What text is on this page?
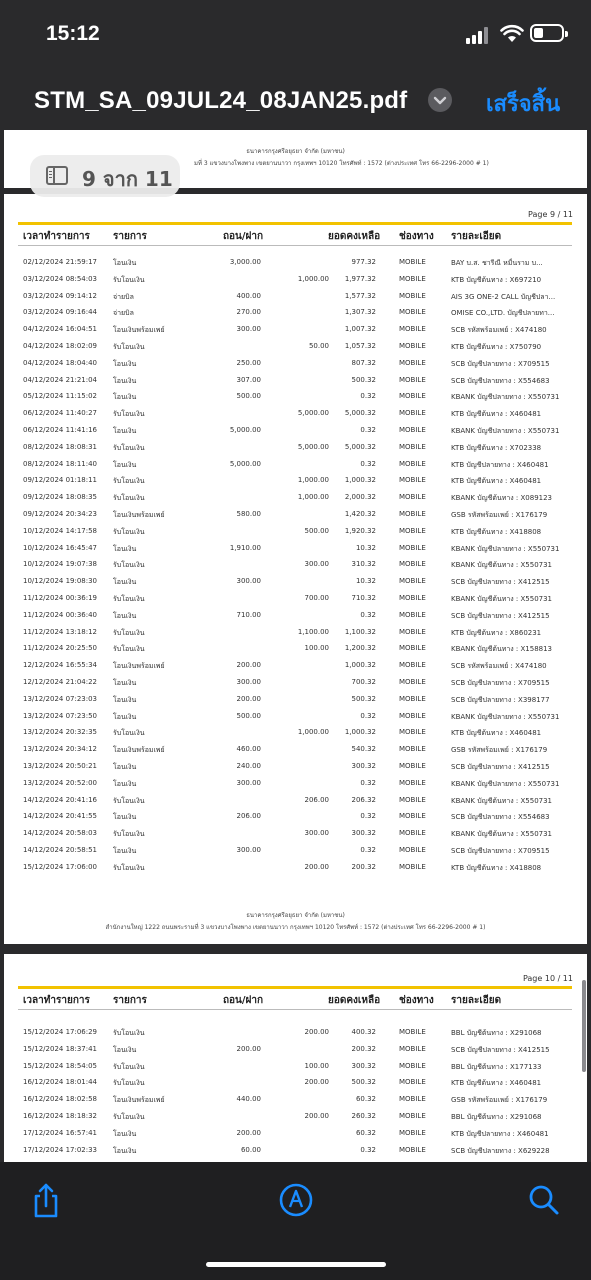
15:12
STM_SA_09JUL24_08JAN25.pdf	เสร็จสิ้น
ธนาคารกรุงศรีอยุธยา จำกัด (มหาชน)
มที่ 3 แขวงบางโพงพาง เขตยานนาวา กรุงเทพฯ 10120 โทรศัพท์ : 1572 (ต่างประเทศ โทร 66-2296-2000 # 1)
Page 9 / 11
เวลาทำรายการ รายการ	ถอน/ฝาก	ยอดคงเหลือ ช่องทาง รายละเอียด
02/12/2024 21:59:17 โอนเงิน	3,000.00	977.32	MOBILE	BAY บ.ส. ชารีณี หมื่นราม บ...
03/12/2024 08:54:03 รับโอนเงิน	1,000.00	1,977.32	MOBILE	KTB บัญชีต้นทาง : X697210
03/12/2024 09:14:12 จ่ายบิล	400.00	1,577.32	MOBILE	AIS 3G ONE-2 CALL บัญชีปลา...
03/12/2024 09:16:44 จ่ายบิล	270.00	1,307.32	MOBILE	OMISE CO.,LTD. บัญชีปลายทา...
04/12/2024 16:04:51 โอนเงินพร้อมเพย์	300.00	1,007.32	MOBILE	SCB รหัสพร้อมเพย์ : X474180
04/12/2024 18:02:09 รับโอนเงิน	50.00	1,057.32	MOBILE	KTB บัญชีต้นทาง : X750790
04/12/2024 18:04:40 โอนเงิน	250.00	807.32	MOBILE	SCB บัญชีปลายทาง : X709515
04/12/2024 21:21:04 โอนเงิน	307.00	500.32	MOBILE	SCB บัญชีปลายทาง : X554683
05/12/2024 11:15:02 โอนเงิน	500.00	0.32	MOBILE	KBANK บัญชีปลายทาง : X550731
06/12/2024 11:40:27 รับโอนเงิน	5,000.00	5,000.32	MOBILE	KTB บัญชีต้นทาง : X460481
06/12/2024 11:41:16 โอนเงิน	5,000.00	0.32	MOBILE	KBANK บัญชีปลายทาง : X550731
08/12/2024 18:08:31 รับโอนเงิน	5,000.00	5,000.32	MOBILE	KTB บัญชีต้นทาง : X702338
08/12/2024 18:11:40 โอนเงิน	5,000.00	0.32	MOBILE	KTB บัญชีปลายทาง : X460481
09/12/2024 01:18:11 รับโอนเงิน	1,000.00	1,000.32	MOBILE	KTB บัญชีต้นทาง : X460481
09/12/2024 18:08:35 รับโอนเงิน	1,000.00	2,000.32	MOBILE	KBANK บัญชีต้นทาง : X089123
09/12/2024 20:34:23 โอนเงินพร้อมเพย์	580.00	1,420.32	MOBILE	GSB รหัสพร้อมเพย์ : X176179
10/12/2024 14:17:58 รับโอนเงิน	500.00	1,920.32	MOBILE	KTB บัญชีต้นทาง : X418808
10/12/2024 16:45:47 โอนเงิน	1,910.00	10.32	MOBILE	KBANK บัญชีปลายทาง : X550731
10/12/2024 19:07:38 รับโอนเงิน	300.00	310.32	MOBILE	KBANK บัญชีต้นทาง : X550731
10/12/2024 19:08:30 โอนเงิน	300.00	10.32	MOBILE	SCB บัญชีปลายทาง : X412515
11/12/2024 00:36:19 รับโอนเงิน	700.00	710.32	MOBILE	KBANK บัญชีต้นทาง : X550731
11/12/2024 00:36:40 โอนเงิน	710.00	0.32	MOBILE	SCB บัญชีปลายทาง : X412515
11/12/2024 13:18:12 รับโอนเงิน	1,100.00	1,100.32	MOBILE	KTB บัญชีต้นทาง : X860231
11/12/2024 20:25:50 รับโอนเงิน	100.00	1,200.32	MOBILE	KBANK บัญชีต้นทาง : X158813
12/12/2024 16:55:34 โอนเงินพร้อมเพย์	200.00	1,000.32	MOBILE	SCB รหัสพร้อมเพย์ : X474180
12/12/2024 21:04:22 โอนเงิน	300.00	700.32	MOBILE	SCB บัญชีปลายทาง : X709515
13/12/2024 07:23:03 โอนเงิน	200.00	500.32	MOBILE	SCB บัญชีปลายทาง : X398177
13/12/2024 07:23:50 โอนเงิน	500.00	0.32	MOBILE	KBANK บัญชีปลายทาง : X550731
13/12/2024 20:32:35 รับโอนเงิน	1,000.00	1,000.32	MOBILE	KTB บัญชีต้นทาง : X460481
13/12/2024 20:34:12 โอนเงินพร้อมเพย์	460.00	540.32	MOBILE	GSB รหัสพร้อมเพย์ : X176179
13/12/2024 20:50:21 โอนเงิน	240.00	300.32	MOBILE	SCB บัญชีปลายทาง : X412515
13/12/2024 20:52:00 โอนเงิน	300.00	0.32	MOBILE	KBANK บัญชีปลายทาง : X550731
14/12/2024 20:41:16 รับโอนเงิน	206.00	206.32	MOBILE	KBANK บัญชีต้นทาง : X550731
14/12/2024 20:41:55 โอนเงิน	206.00	0.32	MOBILE	SCB บัญชีปลายทาง : X554683
14/12/2024 20:58:03 รับโอนเงิน	300.00	300.32	MOBILE	KBANK บัญชีต้นทาง : X550731
14/12/2024 20:58:51 โอนเงิน	300.00	0.32	MOBILE	SCB บัญชีปลายทาง : X709515
15/12/2024 17:06:00 รับโอนเงิน	200.00	200.32	MOBILE	KTB บัญชีต้นทาง : X418808
ธนาคารกรุงศรีอยุธยา จำกัด (มหาชน)
สำนักงานใหญ่ 1222 ถนนพระรามที่ 3 แขวงบางโพงพาง เขตยานนาวา กรุงเทพฯ 10120 โทรศัพท์ : 1572 (ต่างประเทศ โทร 66-2296-2000 # 1)
Page 10 / 11
เวลาทำรายการ รายการ	ถอน/ฝาก	ยอดคงเหลือ ช่องทาง รายละเอียด
15/12/2024 17:06:29 รับโอนเงิน	200.00	400.32	MOBILE	BBL บัญชีต้นทาง : X291068
15/12/2024 18:37:41 โอนเงิน	200.00	200.32	MOBILE	SCB บัญชีปลายทาง : X412515
15/12/2024 18:54:05 รับโอนเงิน	100.00	300.32	MOBILE	BBL บัญชีต้นทาง : X177133
16/12/2024 18:01:44 รับโอนเงิน	200.00	500.32	MOBILE	KTB บัญชีต้นทาง : X460481
16/12/2024 18:02:58 โอนเงินพร้อมเพย์	440.00	60.32	MOBILE	GSB รหัสพร้อมเพย์ : X176179
16/12/2024 18:18:32 รับโอนเงิน	200.00	260.32	MOBILE	BBL บัญชีต้นทาง : X291068
17/12/2024 16:57:41 โอนเงิน	200.00	60.32	MOBILE	KTB บัญชีปลายทาง : X460481
17/12/2024 17:02:33 โอนเงิน	60.00	0.32	MOBILE	SCB บัญชีปลายทาง : X629228
9 จาก 11
